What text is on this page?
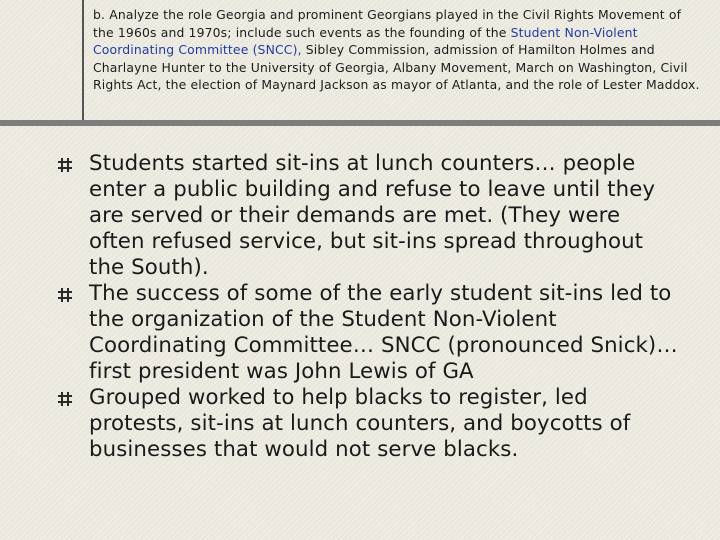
b. Analyze the role Georgia and prominent Georgians played in the Civil Rights Movement of the 1960s and 1970s; include such events as the founding of the Student Non-Violent Coordinating Committee (SNCC), Sibley Commission, admission of Hamilton Holmes and Charlayne Hunter to the University of Georgia, Albany Movement, March on Washington, Civil Rights Act, the election of Maynard Jackson as mayor of Atlanta, and the role of Lester Maddox.

Students started sit-ins at lunch counters… people enter a public building and refuse to leave until they are served or their demands are met. (They were often refused service, but sit-ins spread throughout the South).
The success of some of the early student sit-ins led to the organization of the Student Non-Violent Coordinating Committee… SNCC (pronounced Snick)… first president was John Lewis of GA
Grouped worked to help blacks to register, led protests, sit-ins at lunch counters, and boycotts of businesses that would not serve blacks.
